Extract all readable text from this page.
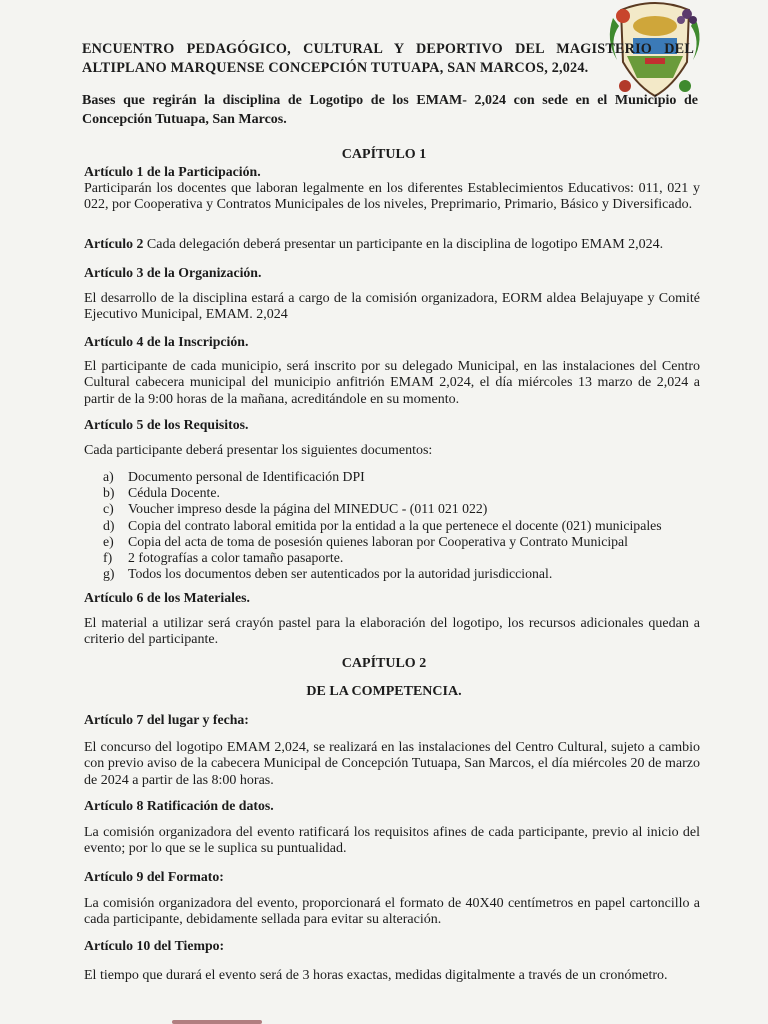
ENCUENTRO PEDAGÓGICO, CULTURAL Y DEPORTIVO DEL MAGISTERIO DEL
ALTIPLANO MARQUENSE CONCEPCIÓN TUTUAPA, SAN MARCOS, 2,024.
Bases que regirán la disciplina de Logotipo de los EMAM- 2,024 con sede en el Municipio de Concepción Tutuapa, San Marcos.
CAPÍTULO 1
Artículo 1 de la Participación.
Participarán los docentes que laboran legalmente en los diferentes Establecimientos Educativos: 011, 021 y 022, por Cooperativa y Contratos Municipales de los niveles, Preprimario, Primario, Básico y Diversificado.
Artículo 2 Cada delegación deberá presentar un participante en la disciplina de logotipo EMAM 2,024.
Artículo 3 de la Organización.
El desarrollo de la disciplina estará a cargo de la comisión organizadora, EORM aldea Belajuyape y Comité Ejecutivo Municipal, EMAM. 2,024
Artículo 4 de la Inscripción.
El participante de cada municipio, será inscrito por su delegado Municipal, en las instalaciones del Centro Cultural cabecera municipal del municipio anfitrión EMAM 2,024, el día miércoles 13 marzo de 2,024 a partir de la 9:00 horas de la mañana, acreditándole en su momento.
Artículo 5 de los Requisitos.
Cada participante deberá presentar los siguientes documentos:
a)	Documento personal de Identificación DPI
b) Cédula Docente.
c)	Voucher impreso desde la página del MINEDUC - (011 021 022)
d) Copia del contrato laboral emitida por la entidad a la que pertenece el docente (021) municipales
e)	Copia del acta de toma de posesión quienes laboran por Cooperativa y Contrato Municipal
f)	2 fotografías a color tamaño pasaporte.
g) Todos los documentos deben ser autenticados por la autoridad jurisdiccional.
Artículo 6 de los Materiales.
El material a utilizar será crayón pastel para la elaboración del logotipo, los recursos adicionales quedan a criterio del participante.
CAPÍTULO 2
DE LA COMPETENCIA.
Artículo 7 del lugar y fecha:
El concurso del logotipo EMAM 2,024, se realizará en las instalaciones del Centro Cultural, sujeto a cambio con previo aviso de la cabecera Municipal de Concepción Tutuapa, San Marcos, el día miércoles 20 de marzo de 2024 a partir de las 8:00 horas.
Artículo 8 Ratificación de datos.
La comisión organizadora del evento ratificará los requisitos afines de cada participante, previo al inicio del evento; por lo que se le suplica su puntualidad.
Artículo 9 del Formato:
La comisión organizadora del evento, proporcionará el formato de 40X40 centímetros en papel cartoncillo a cada participante, debidamente sellada para evitar su alteración.
Artículo 10 del Tiempo:
El tiempo que durará el evento será de 3 horas exactas, medidas digitalmente a través de un cronómetro.
